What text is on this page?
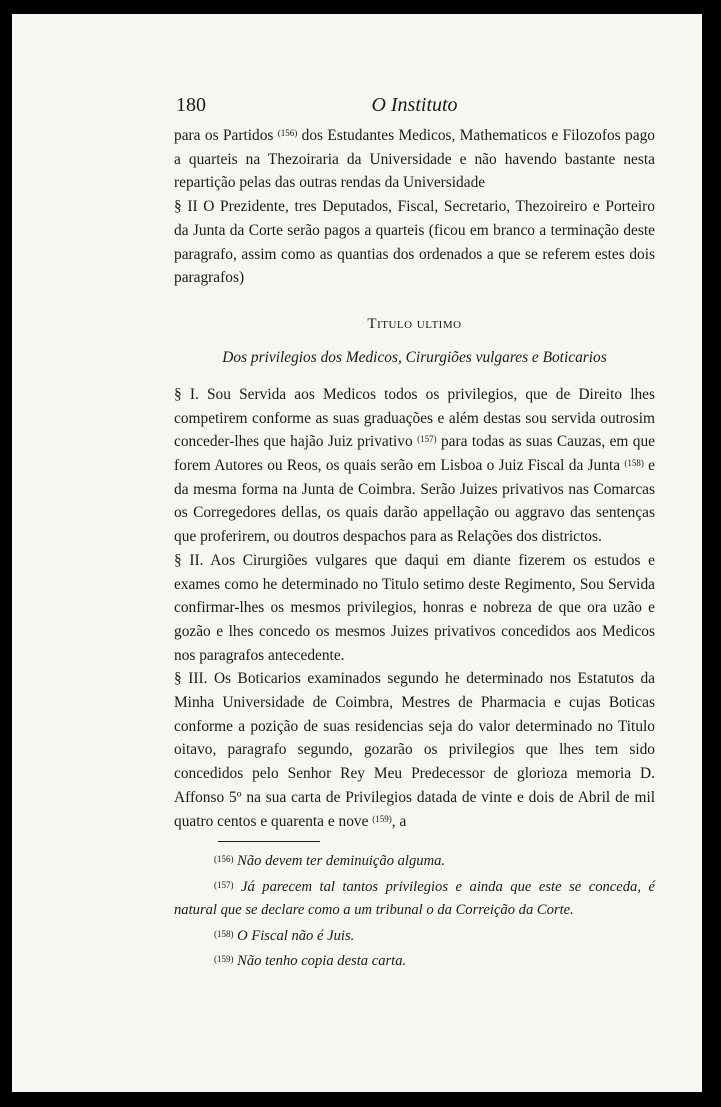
180	O Instituto

para os Partidos $^{(156)}$ dos Estudantes Medicos, Mathematicos e Filozofos pago a quarteis na Thezoiraria da Universidade e não havendo bastante nesta repartição pelas das outras rendas da Universidade

§ II O Prezidente, tres Deputados, Fiscal, Secretario, Thezoireiro e Porteiro da Junta da Corte serão pagos a quarteis (ficou em branco a terminação deste paragrafo, assim como as quantias dos ordenados a que se referem estes dois paragrafos)

Titulo ultimo
Dos privilegios dos Medicos, Cirurgiões vulgares e Boticarios

§ I. Sou Servida aos Medicos todos os privilegios, que de Direito lhes competirem conforme as suas graduações e além destas sou servida outrosim conceder-lhes que hajão Juiz privativo $^{(157)}$ para todas as suas Cauzas, em que forem Autores ou Reos, os quais serão em Lisboa o Juiz Fiscal da Junta $^{(158)}$ e da mesma forma na Junta de Coimbra. Serão Juizes privativos nas Comarcas os Corregedores dellas, os quais darão appellação ou aggravo das sentenças que proferirem, ou doutros despachos para as Relações dos districtos.

§ II. Aos Cirurgiões vulgares que daqui em diante fizerem os estudos e exames como he determinado no Titulo setimo deste Regimento, Sou Servida confirmar-lhes os mesmos privilegios, honras e nobreza de que ora uzão e gozão e lhes concedo os mesmos Juizes privativos concedidos aos Medicos nos paragrafos antecedente.

§ III. Os Boticarios examinados segundo he determinado nos Estatutos da Minha Universidade de Coimbra, Mestres de Pharmacia e cujas Boticas conforme a pozição de suas residencias seja do valor determinado no Titulo oitavo, paragrafo segundo, gozarão os privilegios que lhes tem sido concedidos pelo Senhor Rey Meu Predecessor de glorioza memoria D. Affonso 5º na sua carta de Privilegios datada de vinte e dois de Abril de mil quatro centos e quarenta e nove $^{(159)}$, a

$^{(156)}$ Não devem ter deminuição alguma.

$^{(157)}$ Já parecem tal tantos privilegios e ainda que este se conceda, é natural que se declare como a um tribunal o da Correição da Corte.

$^{(158)}$ O Fiscal não é Juis.

$^{(159)}$ Não tenho copia desta carta.
